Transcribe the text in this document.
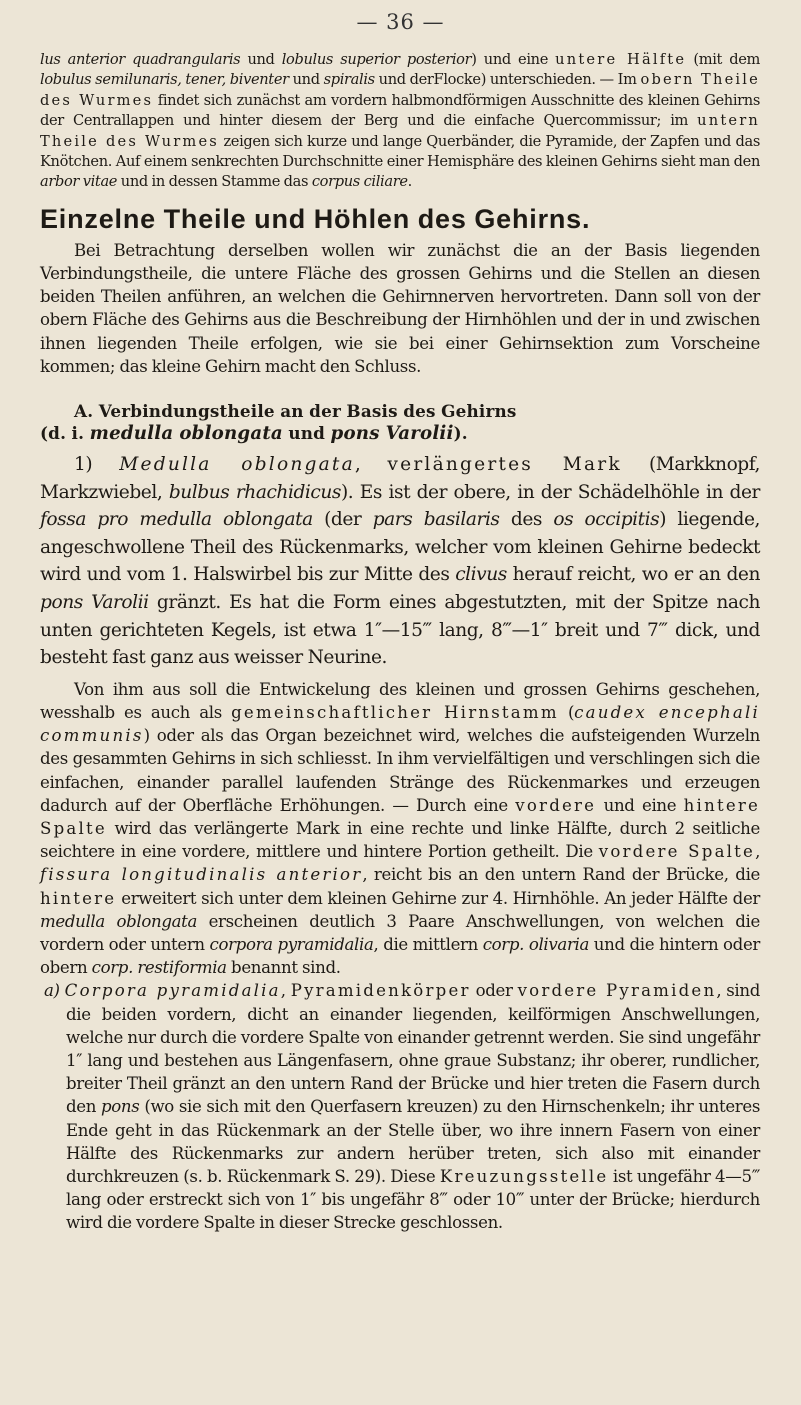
— 36 —

lus anterior quadrangularis und lobulus superior posterior) und eine untere Hälfte (mit dem lobulus semilunaris, tener, biventer und spiralis und derFlocke) unterschieden. — Im obern Theile des Wurmes findet sich zunächst am vordern halbmondförmigen Ausschnitte des kleinen Gehirns der Centrallappen und hinter diesem der Berg und die einfache Quercommissur; im untern Theile des Wurmes zeigen sich kurze und lange Querbänder, die Pyramide, der Zapfen und das Knötchen. Auf einem senkrechten Durchschnitte einer Hemisphäre des kleinen Gehirns sieht man den arbor vitae und in dessen Stamme das corpus ciliare.

Einzelne Theile und Höhlen des Gehirns.

Bei Betrachtung derselben wollen wir zunächst die an der Basis liegenden Verbindungstheile, die untere Fläche des grossen Gehirns und die Stellen an diesen beiden Theilen anführen, an welchen die Gehirnnerven hervortreten. Dann soll von der obern Fläche des Gehirns aus die Beschreibung der Hirnhöhlen und der in und zwischen ihnen liegenden Theile erfolgen, wie sie bei einer Gehirnsektion zum Vorscheine kommen; das kleine Gehirn macht den Schluss.

A. Verbindungstheile an der Basis des Gehirns
(d. i. medulla oblongata und pons Varolii).

1) Medulla oblongata, verlängertes Mark (Markknopf, Markzwiebel, bulbus rhachidicus). Es ist der obere, in der Schädelhöhle in der fossa pro medulla oblongata (der pars basilaris des os occipitis) liegende, angeschwollene Theil des Rückenmarks, welcher vom kleinen Gehirne bedeckt wird und vom 1. Halswirbel bis zur Mitte des clivus herauf reicht, wo er an den pons Varolii gränzt. Es hat die Form eines abgestutzten, mit der Spitze nach unten gerichteten Kegels, ist etwa 1″—15‴ lang, 8‴—1″ breit und 7‴ dick, und besteht fast ganz aus weisser Neurine.

Von ihm aus soll die Entwickelung des kleinen und grossen Gehirns geschehen, wesshalb es auch als gemeinschaftlicher Hirnstamm (caudex encephali communis) oder als das Organ bezeichnet wird, welches die aufsteigenden Wurzeln des gesammten Gehirns in sich schliesst. In ihm vervielfältigen und verschlingen sich die einfachen, einander parallel laufenden Stränge des Rückenmarkes und erzeugen dadurch auf der Oberfläche Erhöhungen. — Durch eine vordere und eine hintere Spalte wird das verlängerte Mark in eine rechte und linke Hälfte, durch 2 seitliche seichtere in eine vordere, mittlere und hintere Portion getheilt. Die vordere Spalte, fissura longitudinalis anterior, reicht bis an den untern Rand der Brücke, die hintere erweitert sich unter dem kleinen Gehirne zur 4. Hirnhöhle. An jeder Hälfte der medulla oblongata erscheinen deutlich 3 Paare Anschwellungen, von welchen die vordern oder untern corpora pyramidalia, die mittlern corp. olivaria und die hintern oder obern corp. restiformia benannt sind.

a) Corpora pyramidalia, Pyramidenkörper oder vordere Pyramiden, sind die beiden vordern, dicht an einander liegenden, keilförmigen Anschwellungen, welche nur durch die vordere Spalte von einander getrennt werden. Sie sind ungefähr 1″ lang und bestehen aus Längenfasern, ohne graue Substanz; ihr oberer, rundlicher, breiter Theil gränzt an den untern Rand der Brücke und hier treten die Fasern durch den pons (wo sie sich mit den Querfasern kreuzen) zu den Hirnschenkeln; ihr unteres Ende geht in das Rückenmark an der Stelle über, wo ihre innern Fasern von einer Hälfte des Rückenmarks zur andern herüber treten, sich also mit einander durchkreuzen (s. b. Rückenmark S. 29). Diese Kreuzungsstelle ist ungefähr 4—5‴ lang oder erstreckt sich von 1″ bis ungefähr 8‴ oder 10‴ unter der Brücke; hierdurch wird die vordere Spalte in dieser Strecke geschlossen.
